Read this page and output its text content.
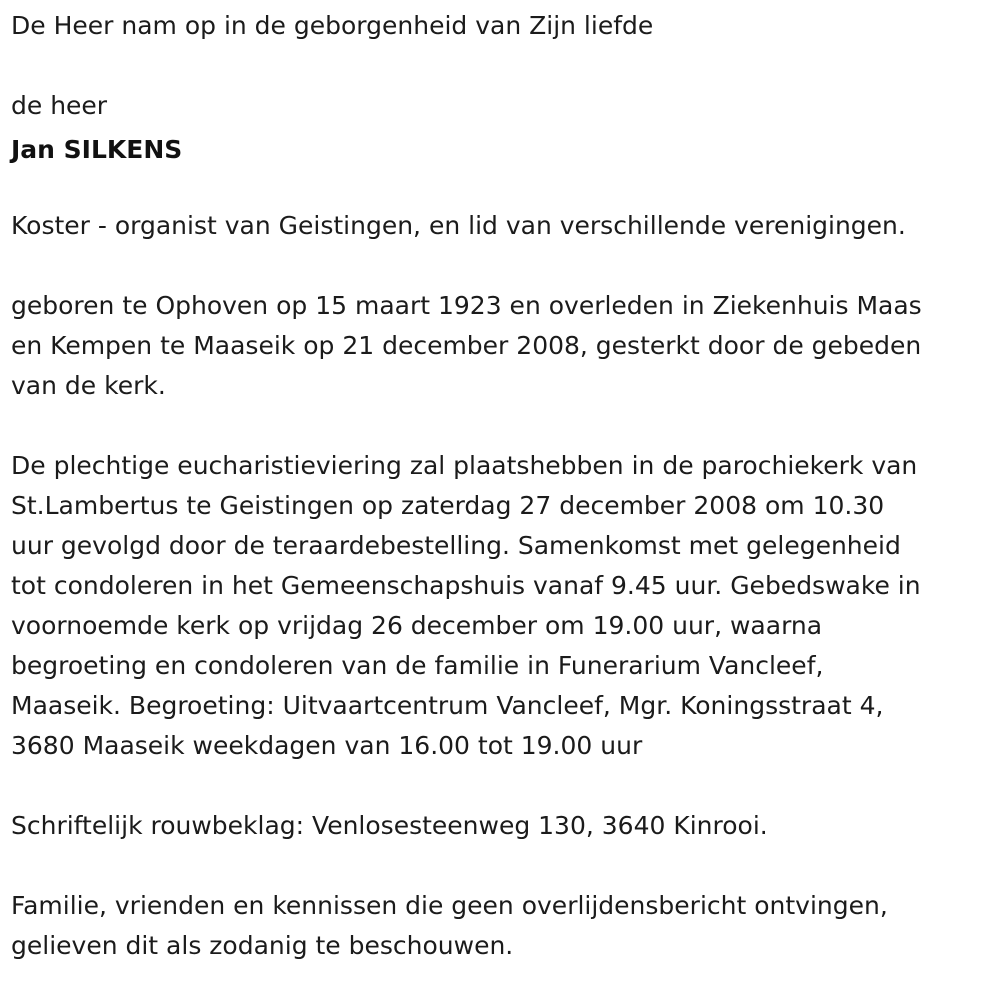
De Heer nam op in de geborgenheid van Zijn liefde

de heer

Jan SILKENS

Koster - organist van Geistingen, en lid van verschillende verenigingen.

geboren te Ophoven op 15 maart 1923 en overleden in Ziekenhuis Maas

en Kempen te Maaseik op 21 december 2008, gesterkt door de gebeden

van de kerk.

De plechtige eucharistieviering zal plaatshebben in de parochiekerk van

St.Lambertus te Geistingen op zaterdag 27 december 2008 om 10.30

uur gevolgd door de teraardebestelling. Samenkomst met gelegenheid

tot condoleren in het Gemeenschapshuis vanaf 9.45 uur. Gebedswake in

voornoemde kerk op vrijdag 26 december om 19.00 uur, waarna

begroeting en condoleren van de familie in Funerarium Vancleef,

Maaseik. Begroeting: Uitvaartcentrum Vancleef, Mgr. Koningsstraat 4,

3680 Maaseik weekdagen van 16.00 tot 19.00 uur

Schriftelijk rouwbeklag: Venlosesteenweg 130, 3640 Kinrooi.

Familie, vrienden en kennissen die geen overlijdensbericht ontvingen,

gelieven dit als zodanig te beschouwen.
